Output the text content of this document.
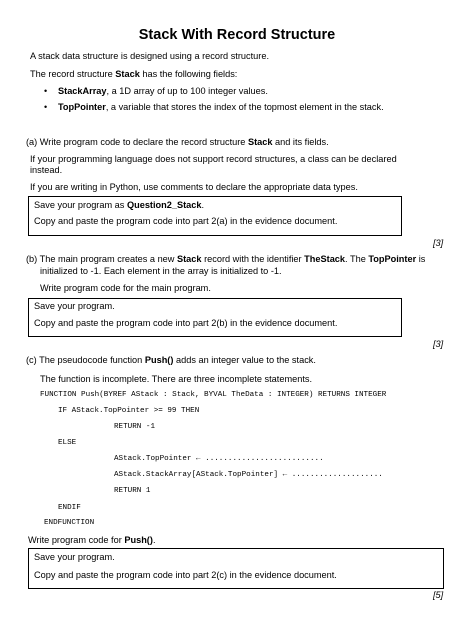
Stack With Record Structure
A stack data structure is designed using a record structure.
The record structure Stack has the following fields:
• StackArray, a 1D array of up to 100 integer values.
• TopPointer, a variable that stores the index of the topmost element in the stack.
(a) Write program code to declare the record structure Stack and its fields.
If your programming language does not support record structures, a class can be declared
instead.
If you are writing in Python, use comments to declare the appropriate data types.
Save your program as Question2_Stack.
Copy and paste the program code into part 2(a) in the evidence document.
[3]
(b) The main program creates a new Stack record with the identifier TheStack. The TopPointer is
initialized to -1. Each element in the array is initialized to -1.
Write program code for the main program.
Save your program.
Copy and paste the program code into part 2(b) in the evidence document.
[3]
(c) The pseudocode function Push() adds an integer value to the stack.
The function is incomplete. There are three incomplete statements.
FUNCTION Push(BYREF AStack : Stack, BYVAL TheData : INTEGER) RETURNS INTEGER
IF AStack.TopPointer >= 99 THEN
RETURN -1
ELSE
AStack.TopPointer ← ..........................
AStack.StackArray[AStack.TopPointer] ← ....................
RETURN 1
ENDIF
ENDFUNCTION
Write program code for Push().
Save your program.
Copy and paste the program code into part 2(c) in the evidence document.
[5]
